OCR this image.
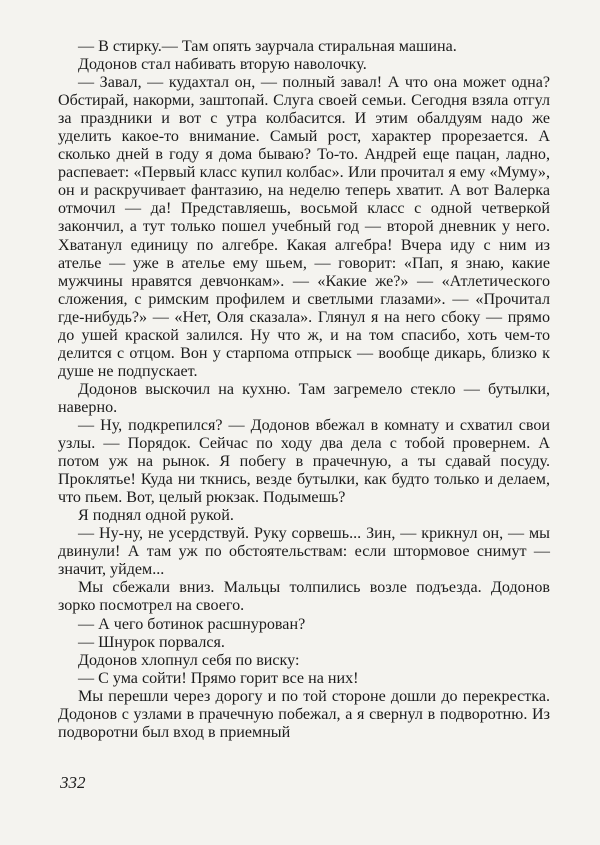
— В стирку.— Там опять заурчала стиральная машина.

Додонов стал набивать вторую наволочку.

— Завал, — кудахтал он, — полный завал! А что она может одна? Обстирай, накорми, заштопай. Слуга своей семьи. Сегодня взяла отгул за праздники и вот с утра колбасится. И этим обалдуям надо же уделить какое-то внимание. Самый рост, характер прорезается. А сколько дней в году я дома бываю? То-то. Андрей еще пацан, ладно, распевает: «Первый класс купил колбас». Или прочитал я ему «Муму», он и раскручивает фантазию, на неделю теперь хватит. А вот Валерка отмочил — да! Представляешь, восьмой класс с одной четверкой закончил, а тут только пошел учебный год — второй дневник у него. Хватанул единицу по алгебре. Какая алгебра! Вчера иду с ним из ателье — уже в ателье ему шьем, — говорит: «Пап, я знаю, какие мужчины нравятся девчонкам». — «Какие же?» — «Атлетического сложения, с римским профилем и светлыми глазами». — «Прочитал где-нибудь?» — «Нет, Оля сказала». Глянул я на него сбоку — прямо до ушей краской залился. Ну что ж, и на том спасибо, хоть чем-то делится с отцом. Вон у старпома отпрыск — вообще дикарь, близко к душе не подпускает.

Додонов выскочил на кухню. Там загремело стекло — бутылки, наверно.

— Ну, подкрепился? — Додонов вбежал в комнату и схватил свои узлы. — Порядок. Сейчас по ходу два дела с тобой провернем. А потом уж на рынок. Я побегу в прачечную, а ты сдавай посуду. Проклятье! Куда ни ткнись, везде бутылки, как будто только и делаем, что пьем. Вот, целый рюкзак. Подымешь?

Я поднял одной рукой.

— Ну-ну, не усердствуй. Руку сорвешь... Зин, — крикнул он, — мы двинули! А там уж по обстоятельствам: если штормовое снимут — значит, уйдем...

Мы сбежали вниз. Мальцы толпились возле подъезда. Додонов зорко посмотрел на своего.

— А чего ботинок расшнурован?

— Шнурок порвался.

Додонов хлопнул себя по виску:

— С ума сойти! Прямо горит все на них!

Мы перешли через дорогу и по той стороне дошли до перекрестка. Додонов с узлами в прачечную побежал, а я свернул в подворотню. Из подворотни был вход в приемный

332
